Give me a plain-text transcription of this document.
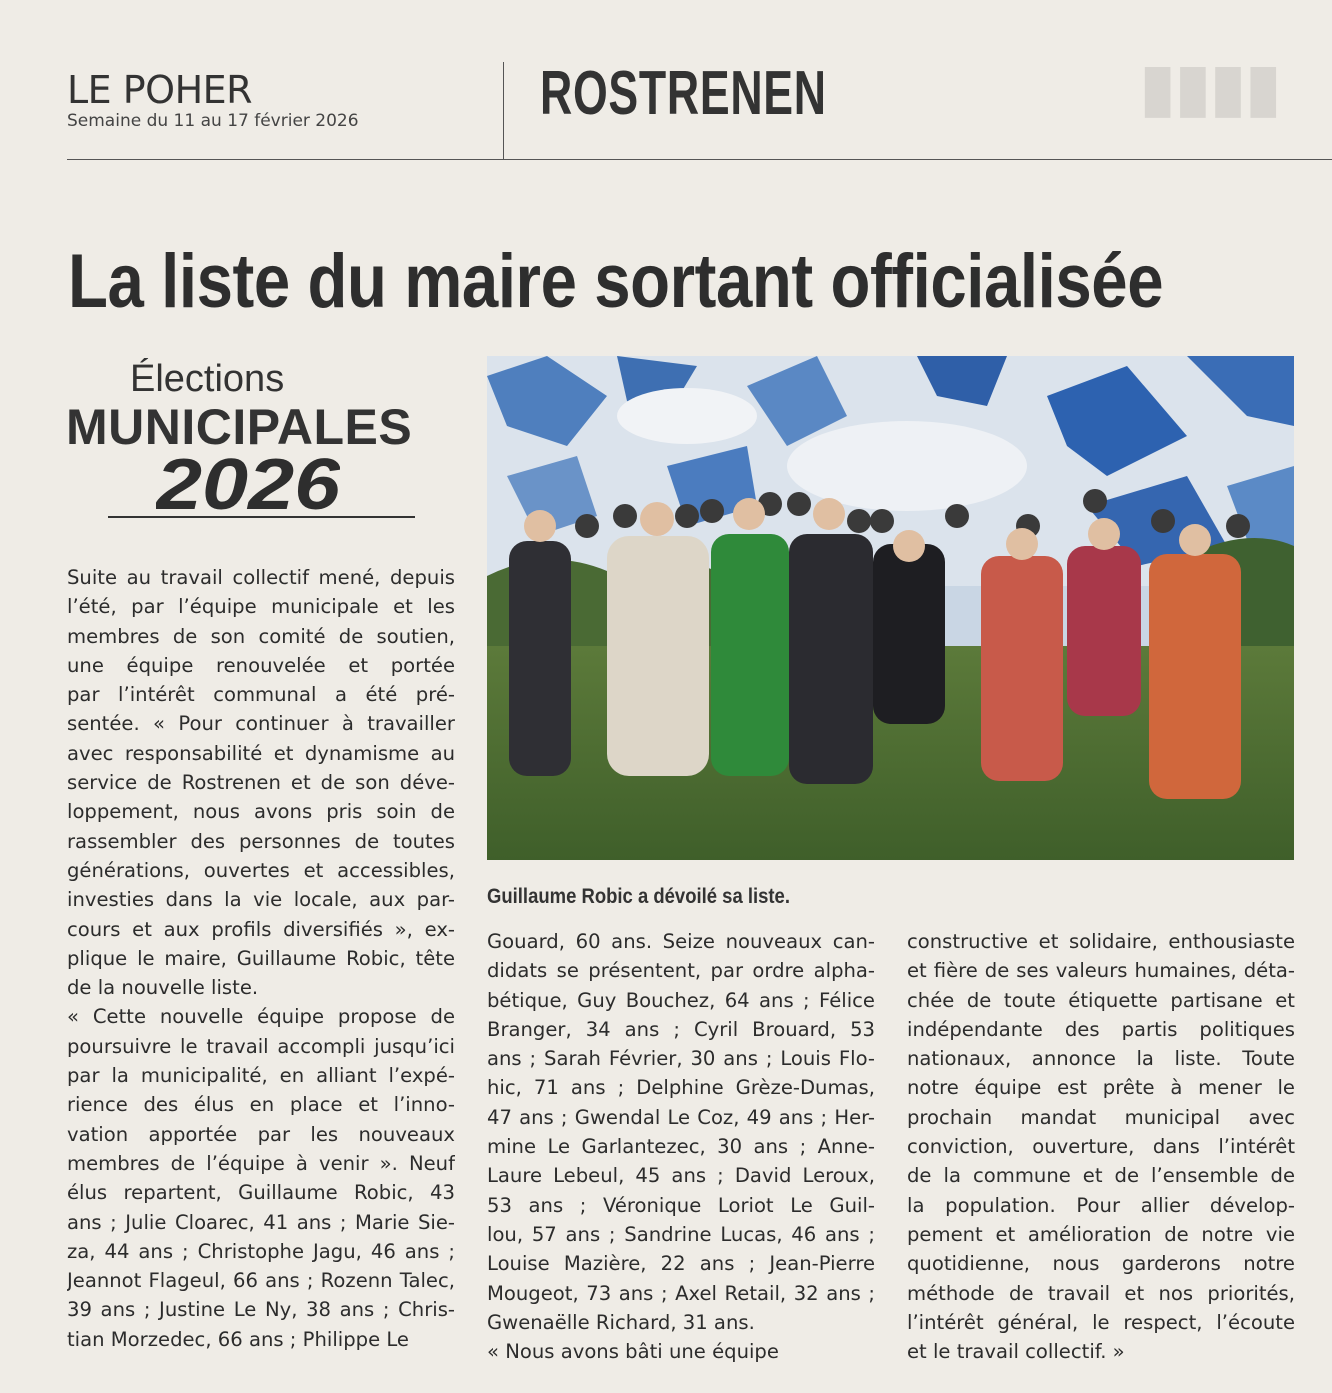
▮▮▮▮
LE POHER
Semaine du 11 au 17 février 2026	ROSTRENEN
La liste du maire sortant officialisée
Élections
MUNICIPALES
2026
Guillaume Robic a dévoilé sa liste.
Suite au travail collectif mené, depuis
l’été, par l’équipe municipale et les
membres de son comité de soutien,
une équipe renouvelée et portée
par l’intérêt communal a été pré-
sentée. « Pour continuer à travailler
avec responsabilité et dynamisme au
service de Rostrenen et de son déve-
loppement, nous avons pris soin de
rassembler des personnes de toutes
générations, ouvertes et accessibles,
investies dans la vie locale, aux par-
cours et aux profils diversifiés », ex-
plique le maire, Guillaume Robic, tête
de la nouvelle liste.
« Cette nouvelle équipe propose de
poursuivre le travail accompli jusqu’ici
par la municipalité, en alliant l’expé-
rience des élus en place et l’inno-
vation apportée par les nouveaux
membres de l’équipe à venir ». Neuf
élus repartent, Guillaume Robic, 43
ans ; Julie Cloarec, 41 ans ; Marie Sie-
za, 44 ans ; Christophe Jagu, 46 ans ;
Jeannot Flageul, 66 ans ; Rozenn Talec,
39 ans ; Justine Le Ny, 38 ans ; Chris-
tian Morzedec, 66 ans ; Philippe Le
Gouard, 60 ans. Seize nouveaux can-
didats se présentent, par ordre alpha-
bétique, Guy Bouchez, 64 ans ; Félice
Branger, 34 ans ; Cyril Brouard, 53
ans ; Sarah Février, 30 ans ; Louis Flo-
hic, 71 ans ; Delphine Grèze-Dumas,
47 ans ; Gwendal Le Coz, 49 ans ; Her-
mine Le Garlantezec, 30 ans ; Anne-
Laure Lebeul, 45 ans ; David Leroux,
53 ans ; Véronique Loriot Le Guil-
lou, 57 ans ; Sandrine Lucas, 46 ans ;
Louise Mazière, 22 ans ; Jean-Pierre
Mougeot, 73 ans ; Axel Retail, 32 ans ;
Gwenaëlle Richard, 31 ans.
« Nous avons bâti une équipe
constructive et solidaire, enthousiaste
et fière de ses valeurs humaines, déta-
chée de toute étiquette partisane et
indépendante des partis politiques
nationaux, annonce la liste. Toute
notre équipe est prête à mener le
prochain mandat municipal avec
conviction, ouverture, dans l’intérêt
de la commune et de l’ensemble de
la population. Pour allier dévelop-
pement et amélioration de notre vie
quotidienne, nous garderons notre
méthode de travail et nos priorités,
l’intérêt général, le respect, l’écoute
et le travail collectif. »
